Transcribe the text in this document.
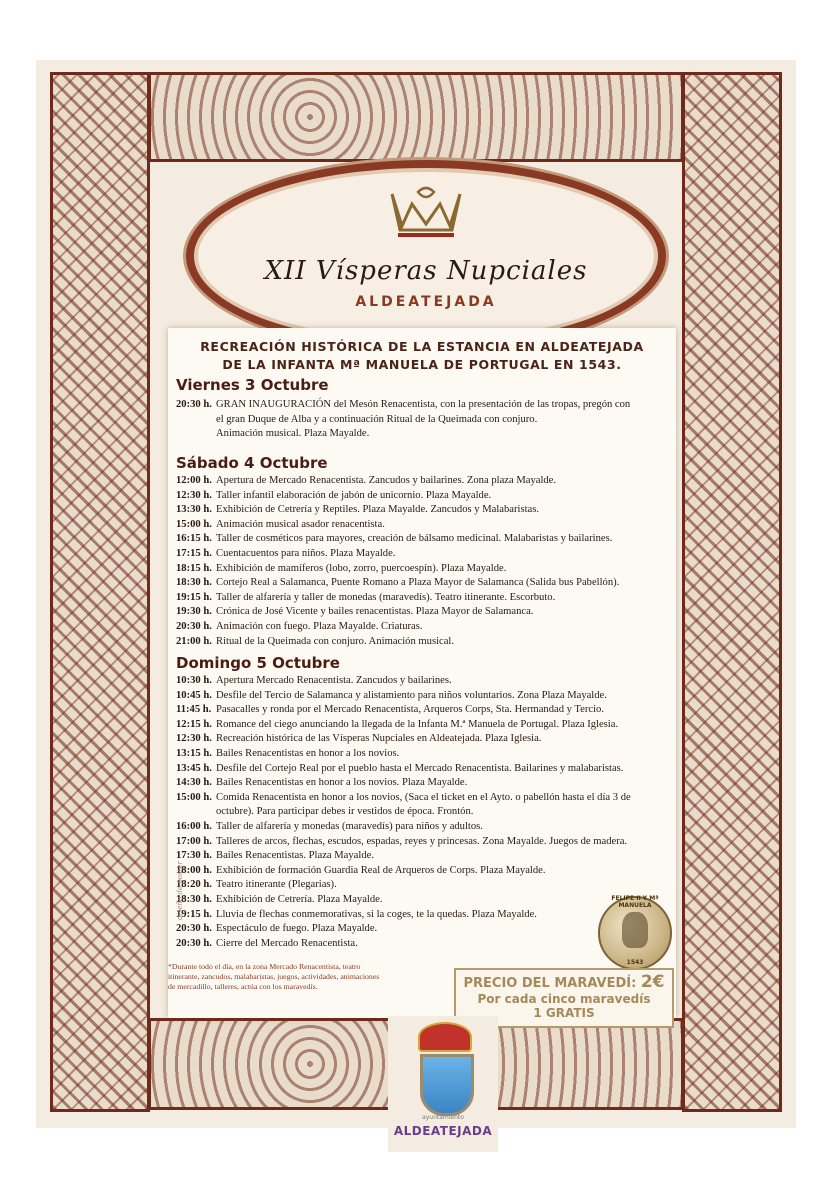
XII Vísperas Nupciales
ALDEATEJADA
RECREACIÓN HISTÓRICA DE LA ESTANCIA EN ALDEATEJADA
DE LA INFANTA Mª MANUELA DE PORTUGAL EN 1543.
Viernes 3 Octubre
20:30 h. GRAN INAUGURACIÓN del Mesón Renacentista, con la presentación de las tropas, pregón con
el gran Duque de Alba y a continuación Ritual de la Queimada con conjuro.
Animación musical. Plaza Mayalde.
Sábado 4 Octubre
12:00 h. Apertura de Mercado Renacentista. Zancudos y bailarines. Zona plaza Mayalde.
12:30 h. Taller infantil elaboración de jabón de unicornio. Plaza Mayalde.
13:30 h. Exhibición de Cetrería y Reptiles. Plaza Mayalde. Zancudos y Malabaristas.
15:00 h. Animación musical asador renacentista.
16:15 h. Taller de cosméticos para mayores, creación de bálsamo medicinal. Malabaristas y bailarines.
17:15 h. Cuentacuentos para niños. Plaza Mayalde.
18:15 h. Exhibición de mamíferos (lobo, zorro, puercoespín). Plaza Mayalde.
18:30 h. Cortejo Real a Salamanca, Puente Romano a Plaza Mayor de Salamanca (Salida bus Pabellón).
19:15 h. Taller de alfarería y taller de monedas (maravedís). Teatro itinerante. Escorbuto.
19:30 h. Crónica de José Vicente y bailes renacentistas. Plaza Mayor de Salamanca.
20:30 h. Animación con fuego. Plaza Mayalde. Criaturas.
21:00 h. Ritual de la Queimada con conjuro. Animación musical.
Domingo 5 Octubre
10:30 h. Apertura Mercado Renacentista. Zancudos y bailarines.
10:45 h. Desfile del Tercio de Salamanca y alistamiento para niños voluntarios. Zona Plaza Mayalde.
11:45 h. Pasacalles y ronda por el Mercado Renacentista, Arqueros Corps, Sta. Hermandad y Tercio.
12:15 h. Romance del ciego anunciando la llegada de la Infanta M.ª Manuela de Portugal. Plaza Iglesia.
12:30 h. Recreación histórica de las Vísperas Nupciales en Aldeatejada. Plaza Iglesia.
13:15 h. Bailes Renacentistas en honor a los novios.
13:45 h. Desfile del Cortejo Real por el pueblo hasta el Mercado Renacentista. Bailarines y malabaristas.
14:30 h. Bailes Renacentistas en honor a los novios. Plaza Mayalde.
15:00 h. Comida Renacentista en honor a los novios, (Saca el ticket en el Ayto. o pabellón hasta el día 3 de
octubre). Para participar debes ir vestidos de época. Frontón.
16:00 h. Taller de alfarería y monedas (maravedís) para niños y adultos.
17:00 h. Talleres de arcos, flechas, escudos, espadas, reyes y princesas. Zona Mayalde. Juegos de madera.
17:30 h. Bailes Renacentistas. Plaza Mayalde.
18:00 h. Exhibición de formación Guardia Real de Arqueros de Corps. Plaza Mayalde.
18:20 h. Teatro itinerante (Plegarias).
18:30 h. Exhibición de Cetrería. Plaza Mayalde.
19:15 h. Lluvia de flechas conmemorativas, si la coges, te la quedas. Plaza Mayalde.
20:30 h. Espectáculo de fuego. Plaza Mayalde.
20:30 h. Cierre del Mercado Renacentista.
*Durante todo el día, en la zona Mercado Renacentista, teatro itinerante, zancudos, malabaristas, juegos, actividades, animaciones de mercadillo, talleres, actúa con los maravedís.
FELIPE II Y Mª MANUELA
1543
PRECIO DEL MARAVEDÍ: 2€
Por cada cinco maravedís
1 GRATIS
ayuntamiento
ALDEATEJADA
diseño de poster
